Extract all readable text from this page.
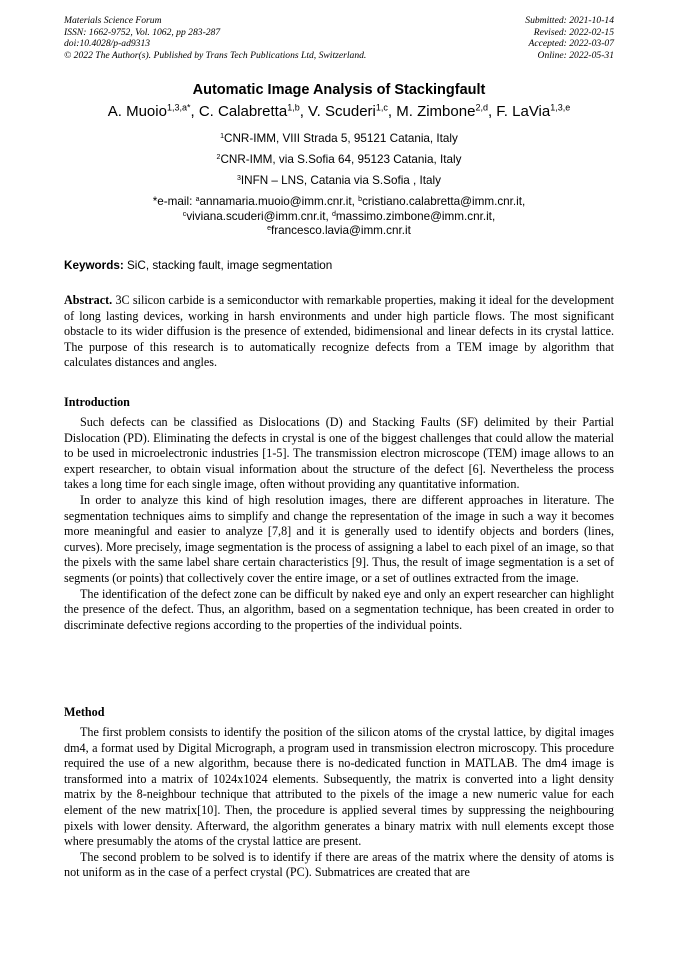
Materials Science Forum
ISSN: 1662-9752, Vol. 1062, pp 283-287
doi:10.4028/p-ad9313
© 2022 The Author(s). Published by Trans Tech Publications Ltd, Switzerland.
Submitted: 2021-10-14
Revised: 2022-02-15
Accepted: 2022-03-07
Online: 2022-05-31
Automatic Image Analysis of Stackingfault
A. Muoio$^{1,3,a*}$, C. Calabretta$^{1,b}$, V. Scuderi$^{1,c}$, M. Zimbone$^{2,d}$, F. LaVia$^{1,3,e}$
$^1$CNR-IMM, VIII Strada 5, 95121 Catania, Italy
$^2$CNR-IMM, via S.Sofia 64, 95123 Catania, Italy
$^3$INFN – LNS, Catania via S.Sofia , Italy
*e-mail: $^a$annamaria.muoio@imm.cnr.it, $^b$cristiano.calabretta@imm.cnr.it,
$^c$viviana.scuderi@imm.cnr.it, $^d$massimo.zimbone@imm.cnr.it,
$^e$francesco.lavia@imm.cnr.it
Keywords: SiC, stacking fault, image segmentation

Abstract. 3C silicon carbide is a semiconductor with remarkable properties, making it ideal for the development of long lasting devices, working in harsh environments and under high particle flows. The most significant obstacle to its wider diffusion is the presence of extended, bidimensional and linear defects in its crystal lattice. The purpose of this research is to automatically recognize defects from a TEM image by algorithm that calculates distances and angles.

Introduction

Such defects can be classified as Dislocations (D) and Stacking Faults (SF) delimited by their Partial Dislocation (PD). Eliminating the defects in crystal is one of the biggest challenges that could allow the material to be used in microelectronic industries [1-5]. The transmission electron microscope (TEM) image allows to an expert researcher, to obtain visual information about the structure of the defect [6]. Nevertheless the process takes a long time for each single image, often without providing any quantitative information.

In order to analyze this kind of high resolution images, there are different approaches in literature. The segmentation techniques aims to simplify and change the representation of the image in such a way it becomes more meaningful and easier to analyze [7,8] and it is generally used to identify objects and borders (lines, curves). More precisely, image segmentation is the process of assigning a label to each pixel of an image, so that the pixels with the same label share certain characteristics [9]. Thus, the result of image segmentation is a set of segments (or points) that collectively cover the entire image, or a set of outlines extracted from the image.

The identification of the defect zone can be difficult by naked eye and only an expert researcher can highlight the presence of the defect. Thus, an algorithm, based on a segmentation technique, has been created in order to discriminate defective regions according to the properties of the individual points.

Method

The first problem consists to identify the position of the silicon atoms of the crystal lattice, by digital images dm4, a format used by Digital Micrograph, a program used in transmission electron microscopy. This procedure required the use of a new algorithm, because there is no-dedicated function in MATLAB. The dm4 image is transformed into a matrix of 1024x1024 elements. Subsequently, the matrix is converted into a light density matrix by the 8-neighbour technique that attributed to the pixels of the image a new numeric value for each element of the new matrix[10]. Then, the procedure is applied several times by suppressing the neighbouring pixels with lower density. Afterward, the algorithm generates a binary matrix with null elements except those where presumably the atoms of the crystal lattice are present.

The second problem to be solved is to identify if there are areas of the matrix where the density of atoms is not uniform as in the case of a perfect crystal (PC). Submatrices are created that are
